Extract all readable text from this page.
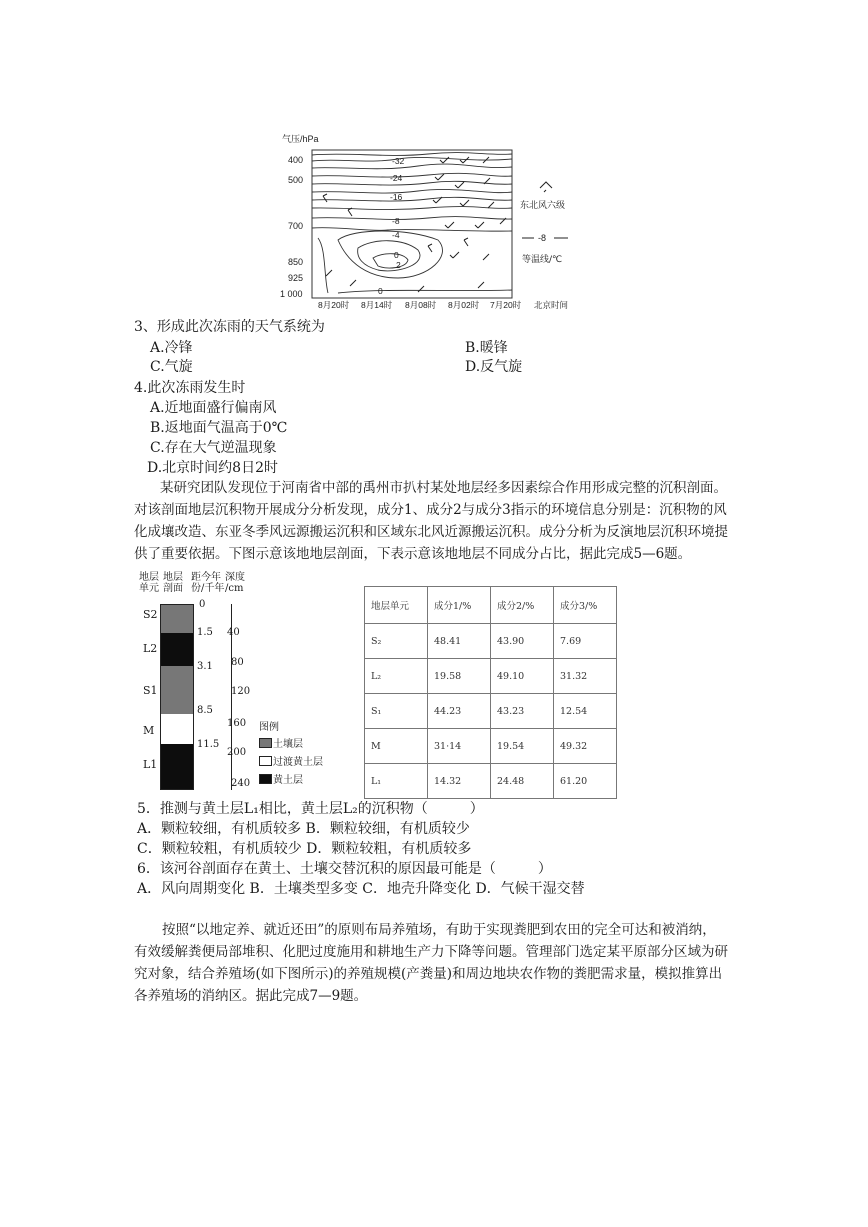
气压/hPa
400
500
700
850
925
1 000
8月20时 8月14时 8月08时 8月02时 7月20时 北京时间
-32
-24
-16
-8
-4
0
2
0
东北风六级
-8
等温线/℃
3、形成此次冻雨的天气系统为
A.冷锋	B.暖锋
C.气旋	D.反气旋
4.此次冻雨发生时
A.近地面盛行偏南风
B.返地面气温高于0℃
C.存在大气逆温现象
D.北京时间约8日2时
某研究团队发现位于河南省中部的禹州市扒村某处地层经多因素综合作用形成完整的沉积剖面。
对该剖面地层沉积物开展成分分析发现，成分1、成分2与成分3指示的环境信息分别是：沉积物的风
化成壤改造、东亚冬季风远源搬运沉积和区域东北风近源搬运沉积。成分分析为反演地层沉积环境提
供了重要依据。下图示意该地地层剖面，下表示意该地地层不同成分占比，据此完成5—6题。
地层
单元
地层
剖面
距今年
份/千年
深度
/cm
S2
L2
S1
M
L1
0
1.5
3.1
8.5
11.5
40
80
120
160
200
240
图例
土壤层
过渡黄土层
黄土层
地层单元	成分1/%	成分2/%	成分3/%
S₂	48.41	43.90	7.69
L₂	19.58	49.10	31.32
S₁	44.23	43.23	12.54
M	31·14	19.54	49.32
L₁	14.32	24.48	61.20
5．推测与黄土层L₁相比，黄土层L₂的沉积物（　　　）
A．颗粒较细，有机质较多 B．颗粒较细，有机质较少
C．颗粒较粗，有机质较少 D．颗粒较粗，有机质较多
6．该河谷剖面存在黄土、土壤交替沉积的原因最可能是（　　　）
A．风向周期变化 B．土壤类型多变 C．地壳升降变化 D．气候干湿交替
按照“以地定养、就近还田”的原则布局养殖场，有助于实现粪肥到农田的完全可达和被消纳，
有效缓解粪便局部堆积、化肥过度施用和耕地生产力下降等问题。管理部门选定某平原部分区域为研
究对象，结合养殖场(如下图所示)的养殖规模(产粪量)和周边地块农作物的粪肥需求量，模拟推算出
各养殖场的消纳区。据此完成7—9题。
